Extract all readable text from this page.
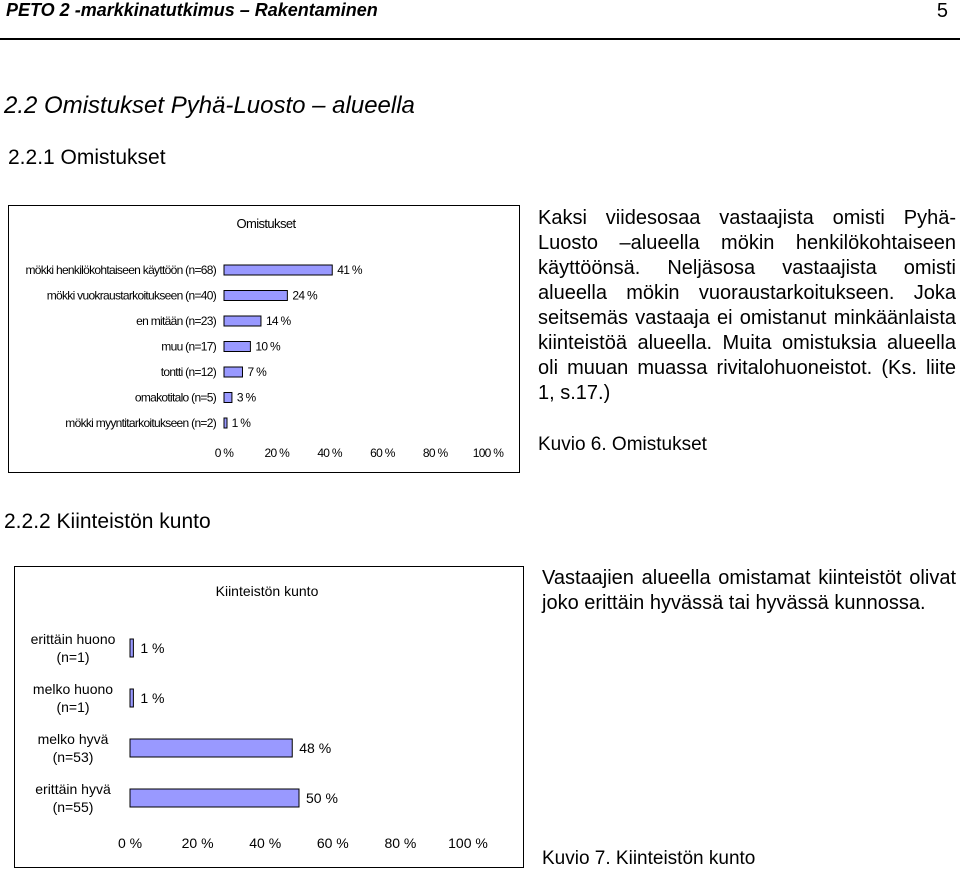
PETO 2 -markkinatutkimus – Rakentaminen	5
2.2 Omistukset Pyhä-Luosto – alueella
2.2.1 Omistukset
Omistukset
mökki henkilökohtaiseen käyttöön (n=68)	41 %
mökki vuokraustarkoitukseen (n=40)	24 %
en mitään (n=23)	14 %
muu (n=17)	10 %
tontti (n=12)	7 %
omakotitalo (n=5) 3 %
mökki myyntitarkoitukseen (n=2) 1 %
0 %	20 % 40 % 60 % 80 % 100 %
Kaksi viidesosaa vastaajista omisti Pyhä-Luosto –alueella mökin henkilökohtaiseen käyttöönsä. Neljäsosa vastaajista omisti alueella mökin vuoraustarkoitukseen. Joka seitsemäs vastaaja ei omistanut minkäänlaista kiinteistöä alueella. Muita omistuksia alueella oli muuan muassa rivitalohuoneistot. (Ks. liite 1, s.17.)
Kuvio 6. Omistukset
2.2.2 Kiinteistön kunto
Kiinteistön kunto
erittäin huono
(n=1)
1 %
melko huono
(n=1)
1 %
melko hyvä
(n=53)
48 %
erittäin hyvä
(n=55)
50 %
0 %	20 %	40 %	60 %	80 % 100 %
Vastaajien alueella omistamat kiinteistöt olivat joko erittäin hyvässä tai hyvässä kunnossa.
Kuvio 7. Kiinteistön kunto
